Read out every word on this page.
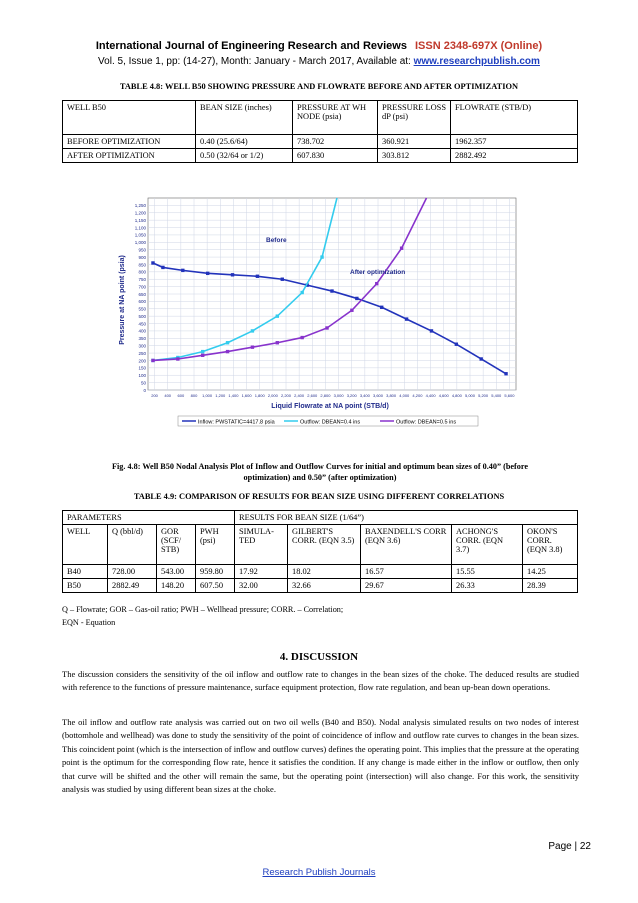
International Journal of Engineering Research and Reviews ISSN 2348-697X (Online)
Vol. 5, Issue 1, pp: (14-27), Month: January - March 2017, Available at: www.researchpublish.com
TABLE 4.8: WELL B50 SHOWING PRESSURE AND FLOWRATE BEFORE AND AFTER OPTIMIZATION
WELL B50	BEAN SIZE (inches)	PRESSURE AT WH NODE (psia)	PRESSURE LOSS dP (psi)	FLOWRATE (STB/D)
BEFORE OPTIMIZATION	0.40 (25.6/64)	738.702	360.921	1962.357
AFTER OPTIMIZATION	0.50 (32/64 or 1/2)	607.830	303.812	2882.492
0
50
100
150
200
250
300
350
400
450
500
550
600
650
700
750
800
850
900
950
1,000
1,050
1,100
1,150
1,200
1,250
200 400 600 800 1,000 1,200 1,400 1,600 1,800 2,000 2,200 2,400 2,600 2,800 3,000 3,200 3,400 3,600 3,800 4,000 4,200 4,400 4,600 4,800 5,000 5,200 5,400 5,600
Pressure at NA point (psia)
Liquid Flowrate at NA point (STB/d)
Before
After optimization
Inflow: PWSTATIC=4417.8 psia	Outflow: DBEAN=0.4 ins	Outflow: DBEAN=0.5 ins
Fig. 4.8: Well B50 Nodal Analysis Plot of Inflow and Outflow Curves for initial and optimum bean sizes of 0.40” (before
optimization) and 0.50” (after optimization)
TABLE 4.9: COMPARISON OF RESULTS FOR BEAN SIZE USING DIFFERENT CORRELATIONS
PARAMETERS				RESULTS FOR BEAN SIZE (1/64”)				
WELL	Q (bbl/d)	GOR (SCF/ STB)	PWH (psi)	SIMULA- TED	GILBERT'S CORR. (EQN 3.5)	BAXENDELL'S CORR (EQN 3.6)	ACHONG'S CORR. (EQN 3.7)	OKON'S CORR. (EQN 3.8)
B40	728.00	543.00	959.80	17.92	18.02	16.57	15.55	14.25
B50	2882.49	148.20	607.50	32.00	32.66	29.67	26.33	28.39
Q – Flowrate; GOR – Gas-oil ratio; PWH – Wellhead pressure; CORR. – Correlation;
EQN - Equation
4. DISCUSSION
The discussion considers the sensitivity of the oil inflow and outflow rate to changes in the bean sizes of the choke. The deduced results are studied with reference to the functions of pressure maintenance, surface equipment protection, flow rate regulation, and bean up-bean down operations.
The oil inflow and outflow rate analysis was carried out on two oil wells (B40 and B50). Nodal analysis simulated results on two nodes of interest (bottomhole and wellhead) was done to study the sensitivity of the point of coincidence of inflow and outflow rate curves to changes in the bean sizes. This coincident point (which is the intersection of inflow and outflow curves) defines the operating point. This implies that the pressure at the operating point is the optimum for the corresponding flow rate, hence it satisfies the condition. If any change is made either in the inflow or outflow, then only that curve will be shifted and the other will remain the same, but the operating point (intersection) will also change. For this work, the sensitivity analysis was studied by using different bean sizes at the choke.
Page | 22
Research Publish Journals
